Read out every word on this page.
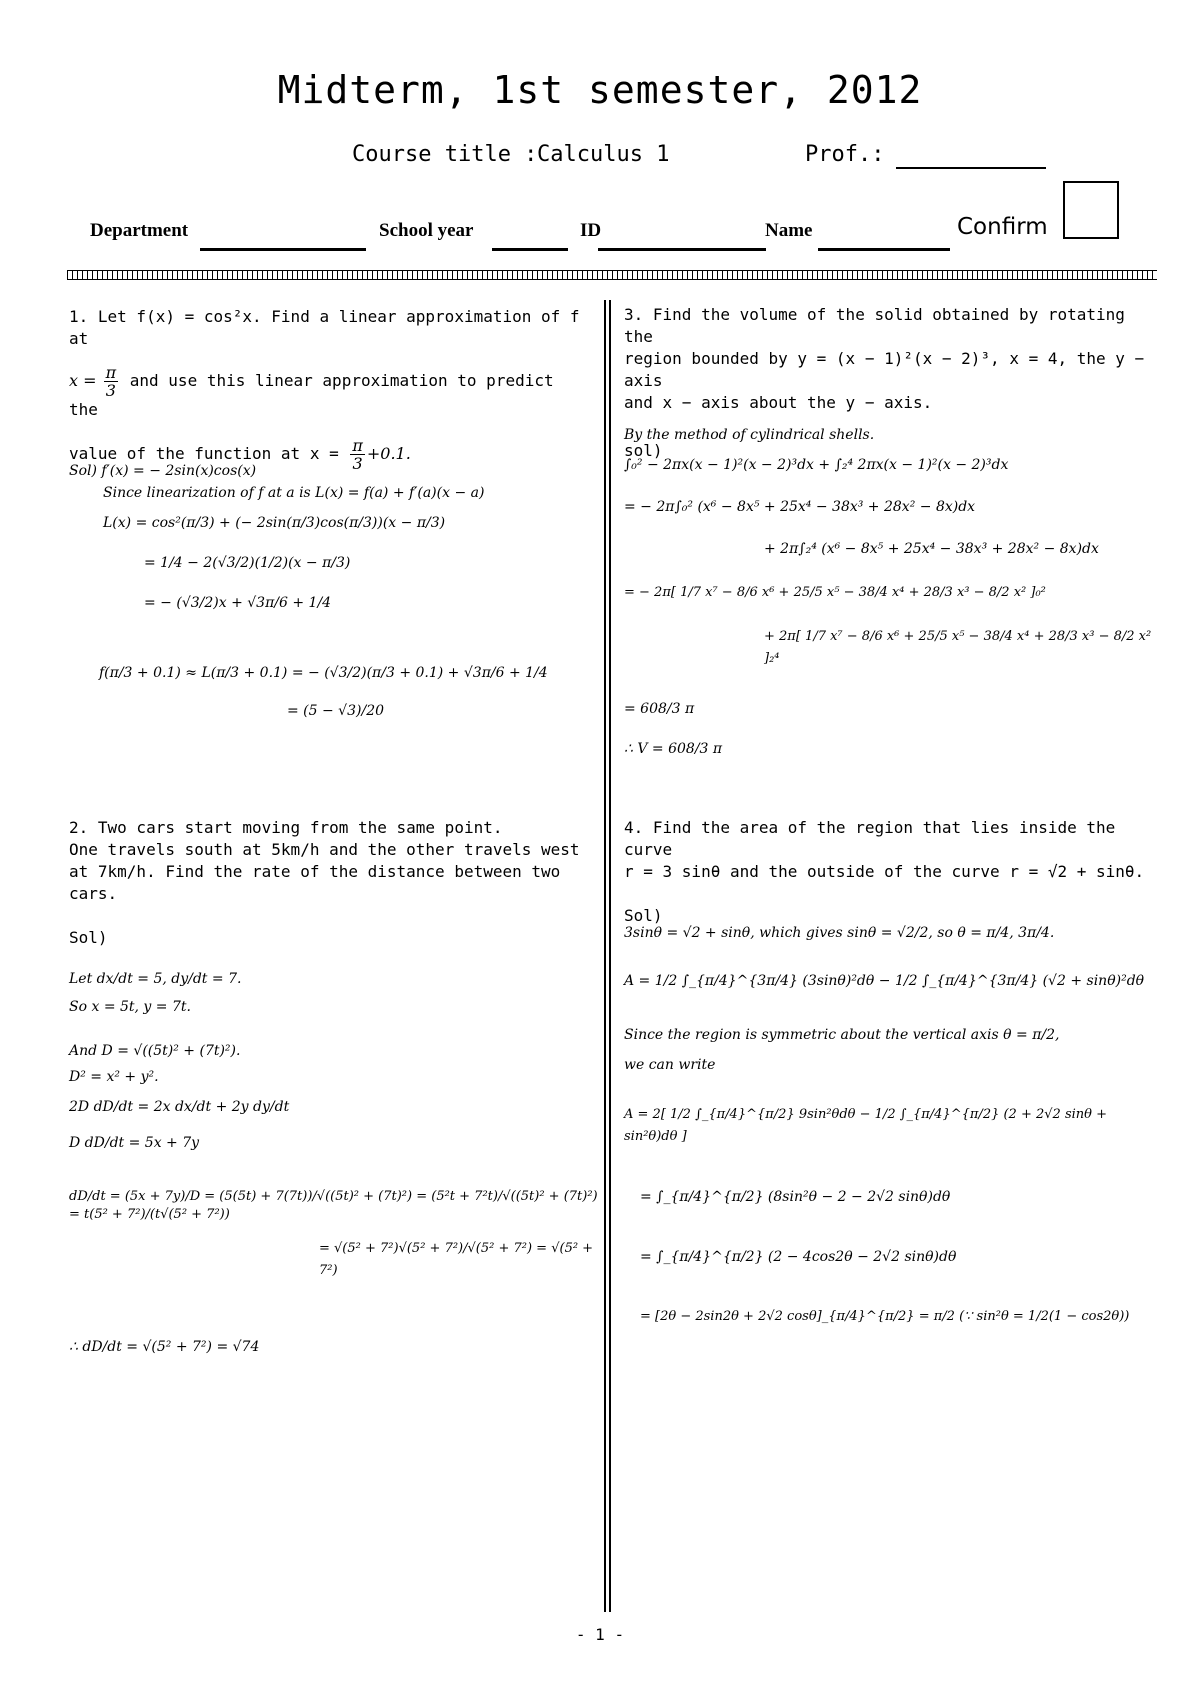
Midterm, 1st semester, 2012
Course title : Calculus 1	Prof.:
Department	School year	ID	Name	Confirm

1. Let f(x) = cos²x. Find a linear approximation of f at

$x = \frac{\pi}{3}$ and use this linear approximation to predict the

value of the function at $x = \frac{\pi}{3} +0.1$.

Sol) f′(x) = − 2sin(x)cos(x)

Since linearization of f at a is L(x) = f(a) + f′(a)(x − a)

L(x) = cos²(π/3) + (− 2sin(π/3)cos(π/3))(x − π/3)

= 1/4 − 2(√3/2)(1/2)(x − π/3)

= − (√3/2)x + √3π/6 + 1/4

f(π/3 + 0.1) ≈ L(π/3 + 0.1) = − (√3/2)(π/3 + 0.1) + √3π/6 + 1/4

= (5 − √3)/20

2. Two cars start moving from the same point.

One travels south at 5km/h and the other travels west

at 7km/h. Find the rate of the distance between two

cars.

Sol)

Let dx/dt = 5, dy/dt = 7.

So x = 5t, y = 7t.

And D = √((5t)² + (7t)²).

D² = x² + y².

2D dD/dt = 2x dx/dt + 2y dy/dt

D dD/dt = 5x + 7y

dD/dt = (5x + 7y)/D = (5(5t) + 7(7t))/√((5t)² + (7t)²) = (5²t + 7²t)/√((5t)² + (7t)²) = t(5² + 7²)/(t√(5² + 7²))

= √(5² + 7²)√(5² + 7²)/√(5² + 7²) = √(5² + 7²)

∴ dD/dt = √(5² + 7²) = √74

3. Find the volume of the solid obtained by rotating the

region bounded by y = (x − 1)²(x − 2)³, x = 4, the y − axis

and x − axis about the y − axis.

sol)

By the method of cylindrical shells.

∫₀² − 2πx(x − 1)²(x − 2)³dx + ∫₂⁴ 2πx(x − 1)²(x − 2)³dx

= − 2π∫₀² (x⁶ − 8x⁵ + 25x⁴ − 38x³ + 28x² − 8x)dx

+ 2π∫₂⁴ (x⁶ − 8x⁵ + 25x⁴ − 38x³ + 28x² − 8x)dx

= − 2π[ 1/7 x⁷ − 8/6 x⁶ + 25/5 x⁵ − 38/4 x⁴ + 28/3 x³ − 8/2 x² ]₀²

+ 2π[ 1/7 x⁷ − 8/6 x⁶ + 25/5 x⁵ − 38/4 x⁴ + 28/3 x³ − 8/2 x² ]₂⁴

= 608/3 π

∴ V = 608/3 π

4. Find the area of the region that lies inside the curve

r = 3 sinθ and the outside of the curve r = √2 + sinθ.

Sol)

3sinθ = √2 + sinθ, which gives sinθ = √2/2, so θ = π/4, 3π/4.

A = 1/2 ∫_{π/4}^{3π/4} (3sinθ)²dθ − 1/2 ∫_{π/4}^{3π/4} (√2 + sinθ)²dθ

Since the region is symmetric about the vertical axis θ = π/2,

we can write

A = 2[ 1/2 ∫_{π/4}^{π/2} 9sin²θdθ − 1/2 ∫_{π/4}^{π/2} (2 + 2√2 sinθ + sin²θ)dθ ]

= ∫_{π/4}^{π/2} (8sin²θ − 2 − 2√2 sinθ)dθ

= ∫_{π/4}^{π/2} (2 − 4cos2θ − 2√2 sinθ)dθ

= [2θ − 2sin2θ + 2√2 cosθ]_{π/4}^{π/2} = π/2 (∵ sin²θ = 1/2(1 − cos2θ))

- 1 -
